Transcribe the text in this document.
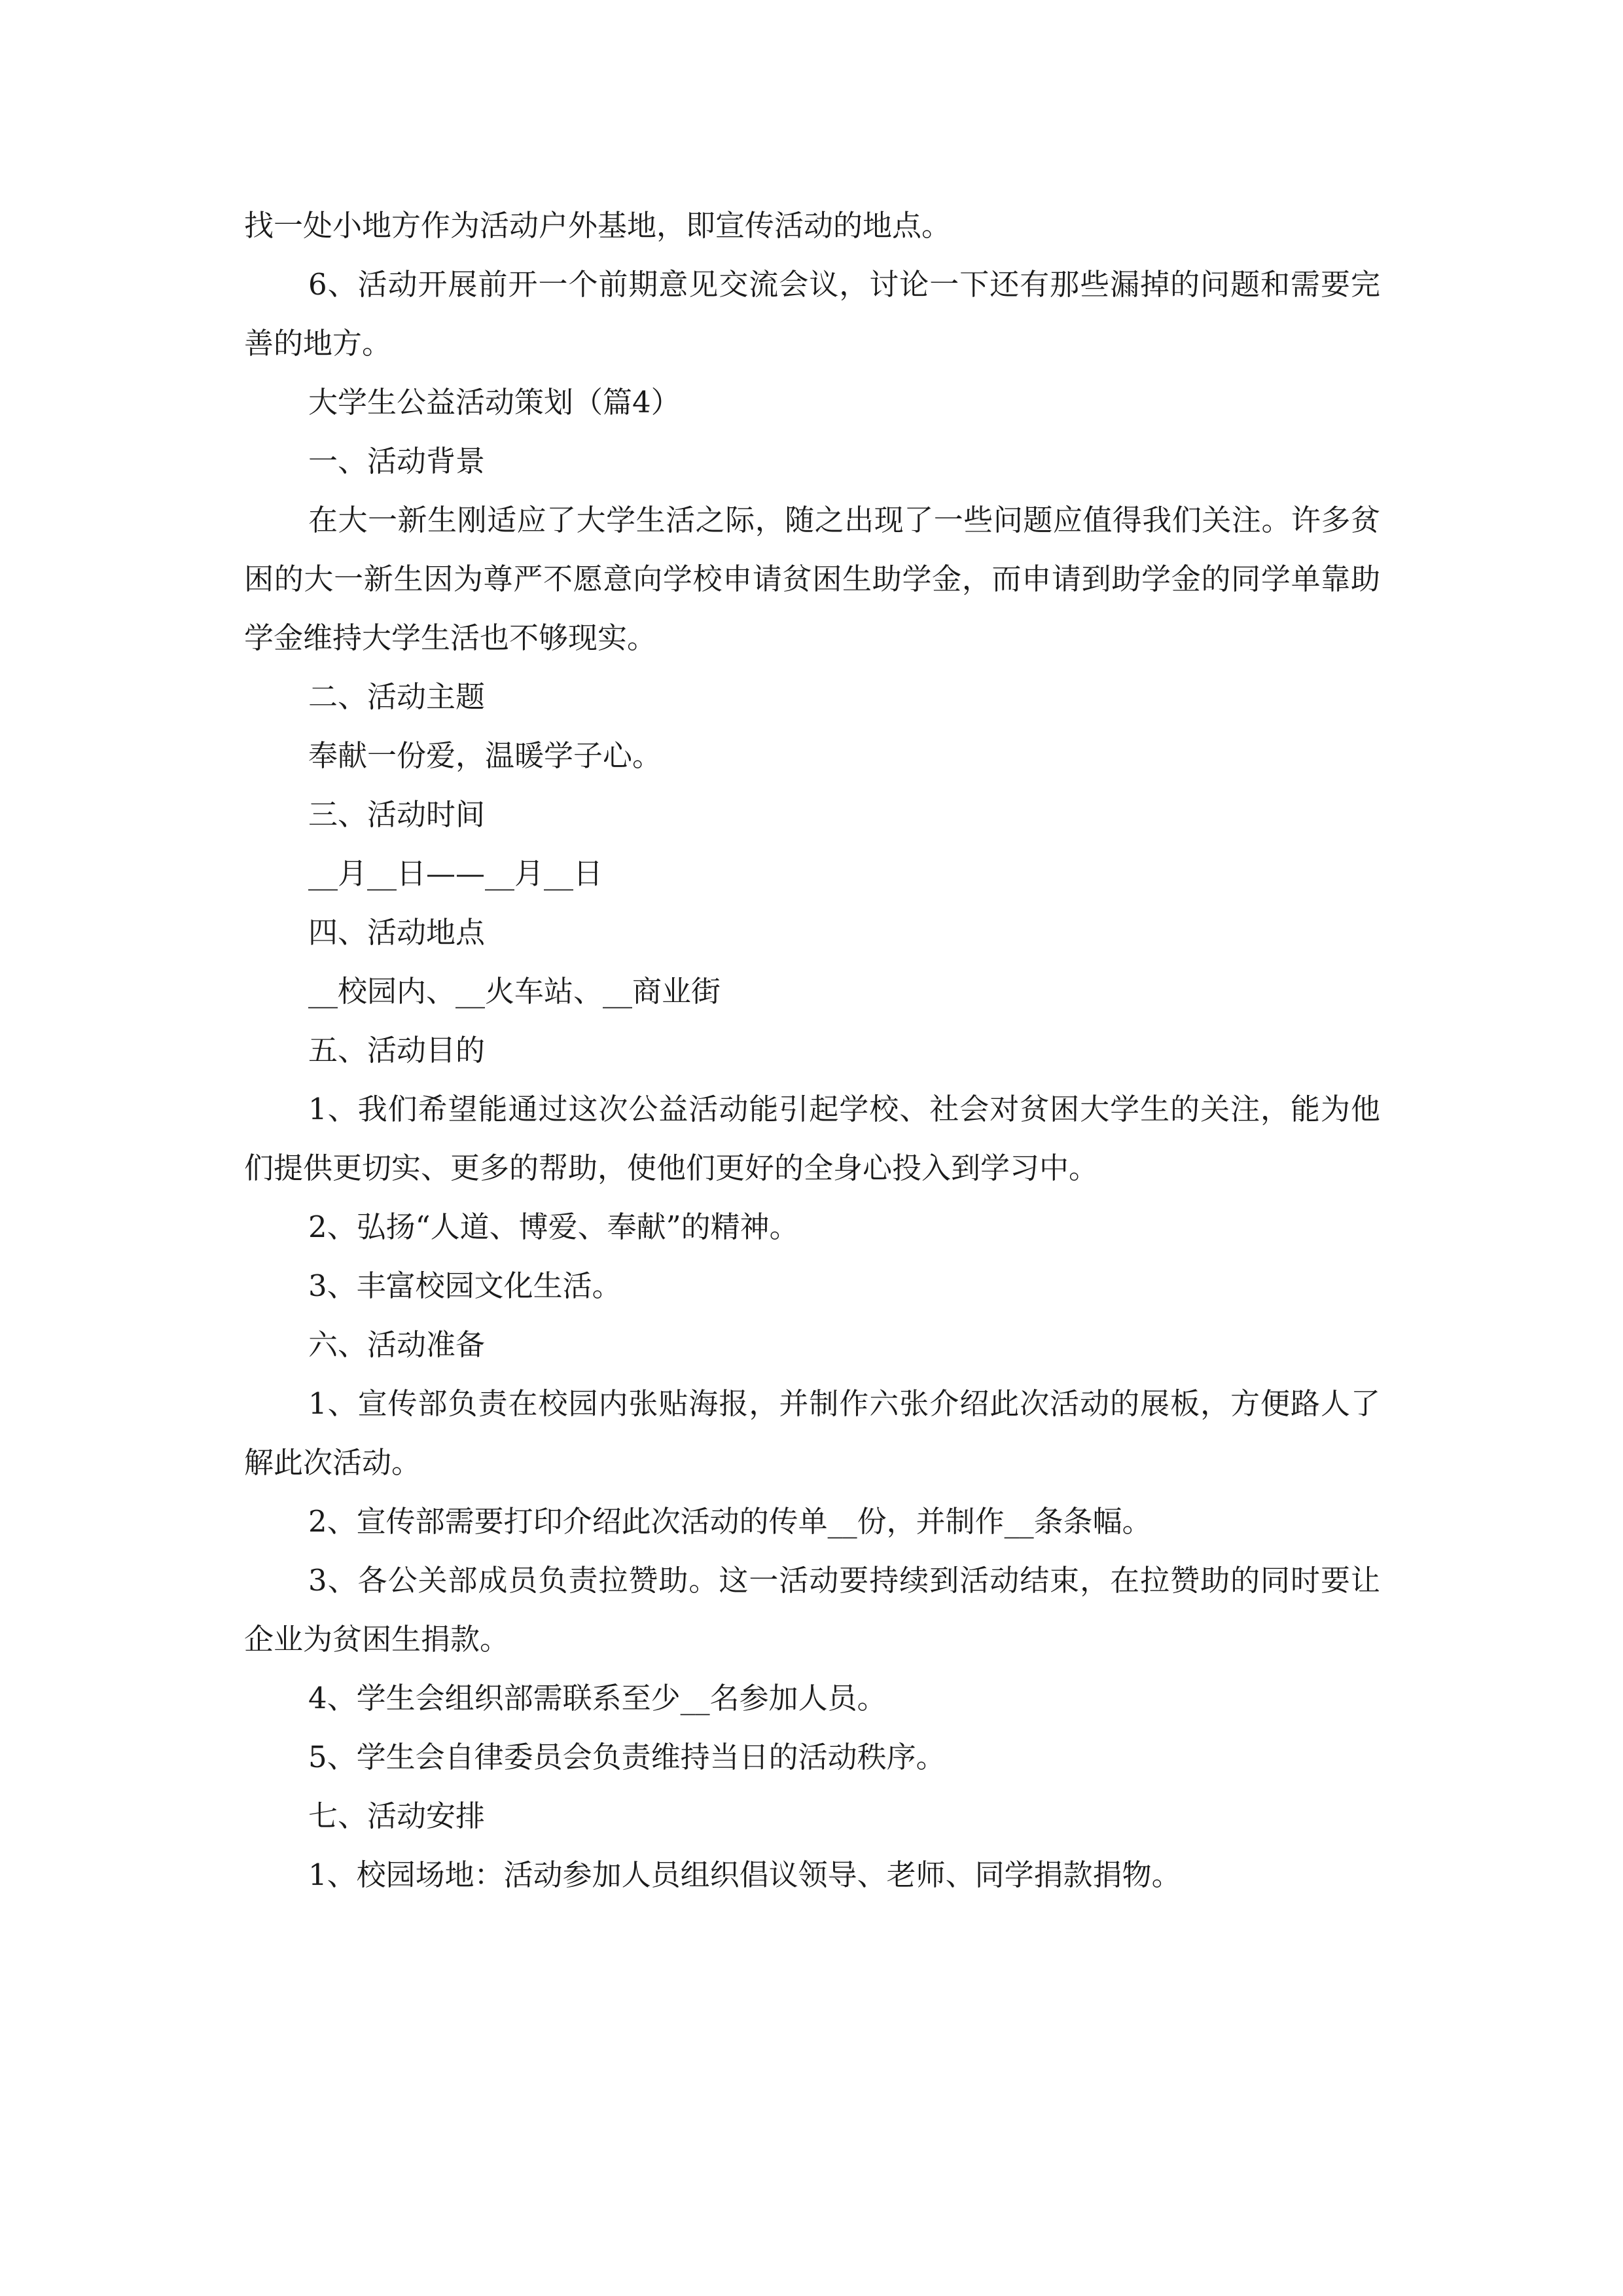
找一处小地方作为活动户外基地，即宣传活动的地点。

6、活动开展前开一个前期意见交流会议，讨论一下还有那些漏掉的问题和需要完善的地方。

大学生公益活动策划（篇4）

一、活动背景

在大一新生刚适应了大学生活之际，随之出现了一些问题应值得我们关注。许多贫困的大一新生因为尊严不愿意向学校申请贫困生助学金，而申请到助学金的同学单靠助学金维持大学生活也不够现实。

二、活动主题

奉献一份爱，温暖学子心。

三、活动时间

__月__日——__月__日

四、活动地点

__校园内、__火车站、__商业街

五、活动目的

1、我们希望能通过这次公益活动能引起学校、社会对贫困大学生的关注，能为他们提供更切实、更多的帮助，使他们更好的全身心投入到学习中。

2、弘扬“人道、博爱、奉献”的精神。

3、丰富校园文化生活。

六、活动准备

1、宣传部负责在校园内张贴海报，并制作六张介绍此次活动的展板，方便路人了解此次活动。

2、宣传部需要打印介绍此次活动的传单__份，并制作__条条幅。

3、各公关部成员负责拉赞助。这一活动要持续到活动结束，在拉赞助的同时要让企业为贫困生捐款。

4、学生会组织部需联系至少__名参加人员。

5、学生会自律委员会负责维持当日的活动秩序。

七、活动安排

1、校园场地：活动参加人员组织倡议领导、老师、同学捐款捐物。
